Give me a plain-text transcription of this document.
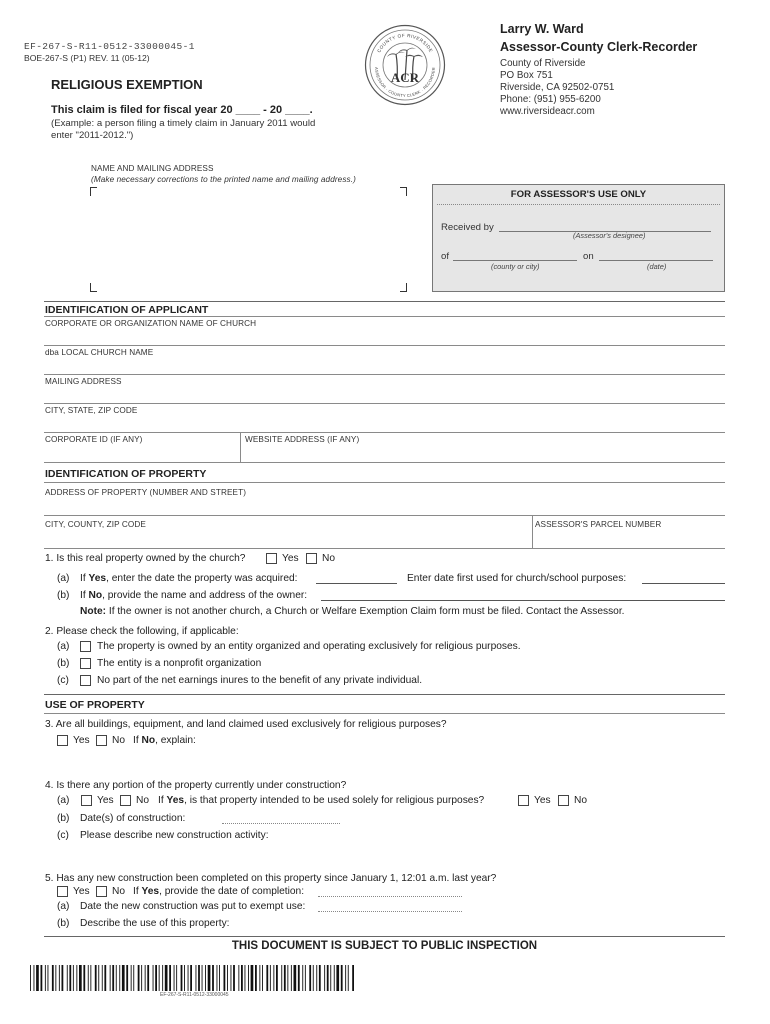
EF-267-S-R11-0512-33000045-1
BOE-267-S (P1) REV. 11 (05-12)
RELIGIOUS EXEMPTION
This claim is filed for fiscal year 20 ____ - 20 ____.
(Example: a person filing a timely claim in January 2011 would
enter "2011-2012.")
ACR
COUNTY OF RIVERSIDE
ASSESSOR · COUNTY CLERK · RECORDER
Larry W. Ward
Assessor-County Clerk-Recorder
County of Riverside
PO Box 751
Riverside, CA 92502-0751
Phone: (951) 955-6200
www.riversideacr.com
NAME AND MAILING ADDRESS
(Make necessary corrections to the printed name and mailing address.)
FOR ASSESSOR'S USE ONLY
Received by
(Assessor's designee)
of
(county or city)
on
(date)
IDENTIFICATION OF APPLICANT
CORPORATE OR ORGANIZATION NAME OF CHURCH
dba LOCAL CHURCH NAME
MAILING ADDRESS
CITY, STATE, ZIP CODE
CORPORATE ID (IF ANY)	WEBSITE ADDRESS (IF ANY)
IDENTIFICATION OF PROPERTY
ADDRESS OF PROPERTY (NUMBER AND STREET)
CITY, COUNTY, ZIP CODE	ASSESSOR'S PARCEL NUMBER
1. Is this real property owned by the church?	Yes No
(a) If Yes, enter the date the property was acquired:	Enter date first used for church/school purposes:
(b) If No, provide the name and address of the owner:
Note: If the owner is not another church, a Church or Welfare Exemption Claim form must be filed. Contact the Assessor.
2. Please check the following, if applicable:
(a)	The property is owned by an entity organized and operating exclusively for religious purposes.
(b)	The entity is a nonprofit organization
(c)	No part of the net earnings inures to the benefit of any private individual.
USE OF PROPERTY
3. Are all buildings, equipment, and land claimed used exclusively for religious purposes?
Yes No If No, explain:
4. Is there any portion of the property currently under construction?
(a)	Yes No If Yes, is that property intended to be used solely for religious purposes?	Yes No
(b) Date(s) of construction:
(c) Please describe new construction activity:
5. Has any new construction been completed on this property since January 1, 12:01 a.m. last year?
Yes No If Yes, provide the date of completion:
(a) Date the new construction was put to exempt use:
(b) Describe the use of this property:
THIS DOCUMENT IS SUBJECT TO PUBLIC INSPECTION
EF-267-S-R11-0512-33000045
